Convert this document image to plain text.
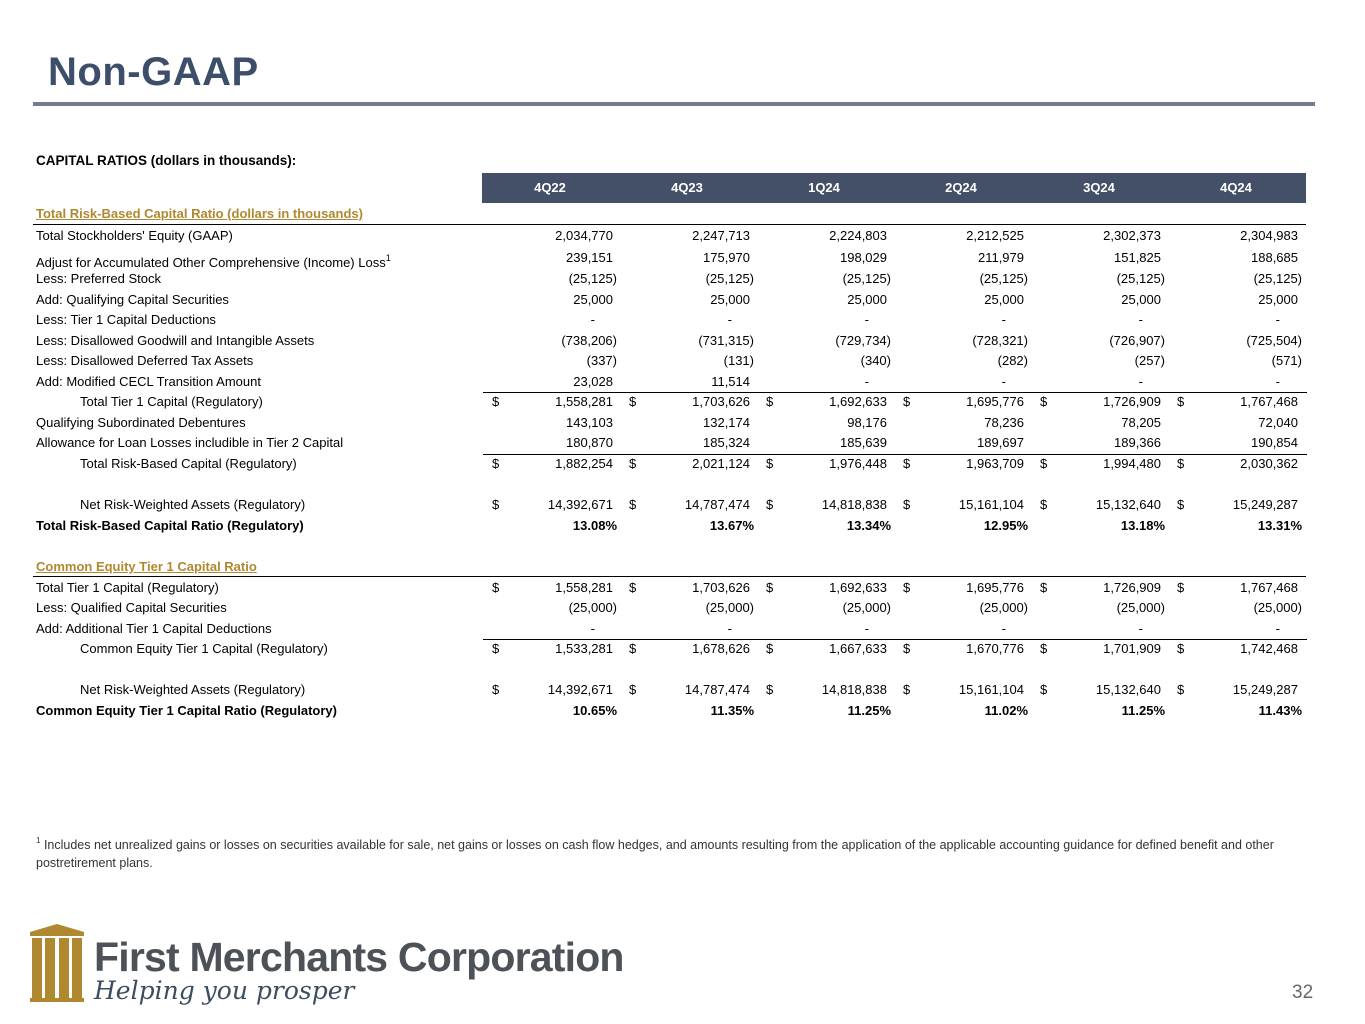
Non-GAAP
CAPITAL RATIOS (dollars in thousands):
4Q22	4Q23	1Q24	2Q24	3Q24	4Q24
Total Risk-Based Capital Ratio (dollars in thousands)
Common Equity Tier 1 Capital Ratio
Total Stockholders' Equity (GAAP)	2,034,770	2,247,713	2,224,803	2,212,525	2,302,373	2,304,983
Adjust for Accumulated Other Comprehensive (Income) Loss$^1$	239,151	175,970	198,029	211,979	151,825	188,685
Less: Preferred Stock	(25,125)	(25,125)	(25,125)	(25,125)	(25,125)	(25,125)
Add: Qualifying Capital Securities	25,000	25,000	25,000	25,000	25,000	25,000
Less: Tier 1 Capital Deductions	-	-	-	-	-	-
Less: Disallowed Goodwill and Intangible Assets	(738,206)	(731,315)	(729,734)	(728,321)	(726,907)	(725,504)
Less: Disallowed Deferred Tax Assets	(337)	(131)	(340)	(282)	(257)	(571)
Add: Modified CECL Transition Amount	23,028	11,514	-	-	-	-
Total Tier 1 Capital (Regulatory)	$	1,558,281 $	1,703,626 $	1,692,633 $	1,695,776 $	1,726,909 $	1,767,468
Qualifying Subordinated Debentures	143,103	132,174	98,176	78,236	78,205	72,040
Allowance for Loan Losses includible in Tier 2 Capital	180,870	185,324	185,639	189,697	189,366	190,854
Total Risk-Based Capital (Regulatory)	$	1,882,254 $	2,021,124 $	1,976,448 $	1,963,709 $	1,994,480 $	2,030,362
Net Risk-Weighted Assets (Regulatory)	$	14,392,671 $	14,787,474 $	14,818,838 $	15,161,104 $	15,132,640 $	15,249,287
Total Risk-Based Capital Ratio (Regulatory)	13.08%	13.67%	13.34%	12.95%	13.18%	13.31%
Total Tier 1 Capital (Regulatory)	$	1,558,281 $	1,703,626 $	1,692,633 $	1,695,776 $	1,726,909 $	1,767,468
Less: Qualified Capital Securities	(25,000)	(25,000)	(25,000)	(25,000)	(25,000)	(25,000)
Add: Additional Tier 1 Capital Deductions	-	-	-	-	-	-
Common Equity Tier 1 Capital (Regulatory)	$	1,533,281 $	1,678,626 $	1,667,633 $	1,670,776 $	1,701,909 $	1,742,468
Net Risk-Weighted Assets (Regulatory)	$	14,392,671 $	14,787,474 $	14,818,838 $	15,161,104 $	15,132,640 $	15,249,287
Common Equity Tier 1 Capital Ratio (Regulatory)	10.65%	11.35%	11.25%	11.02%	11.25%	11.43%
$^1$ Includes net unrealized gains or losses on securities available for sale, net gains or losses on cash flow hedges, and amounts resulting from the application of the applicable accounting guidance for defined benefit and other postretirement plans.
First Merchants Corporation
Helping you prosper	32
